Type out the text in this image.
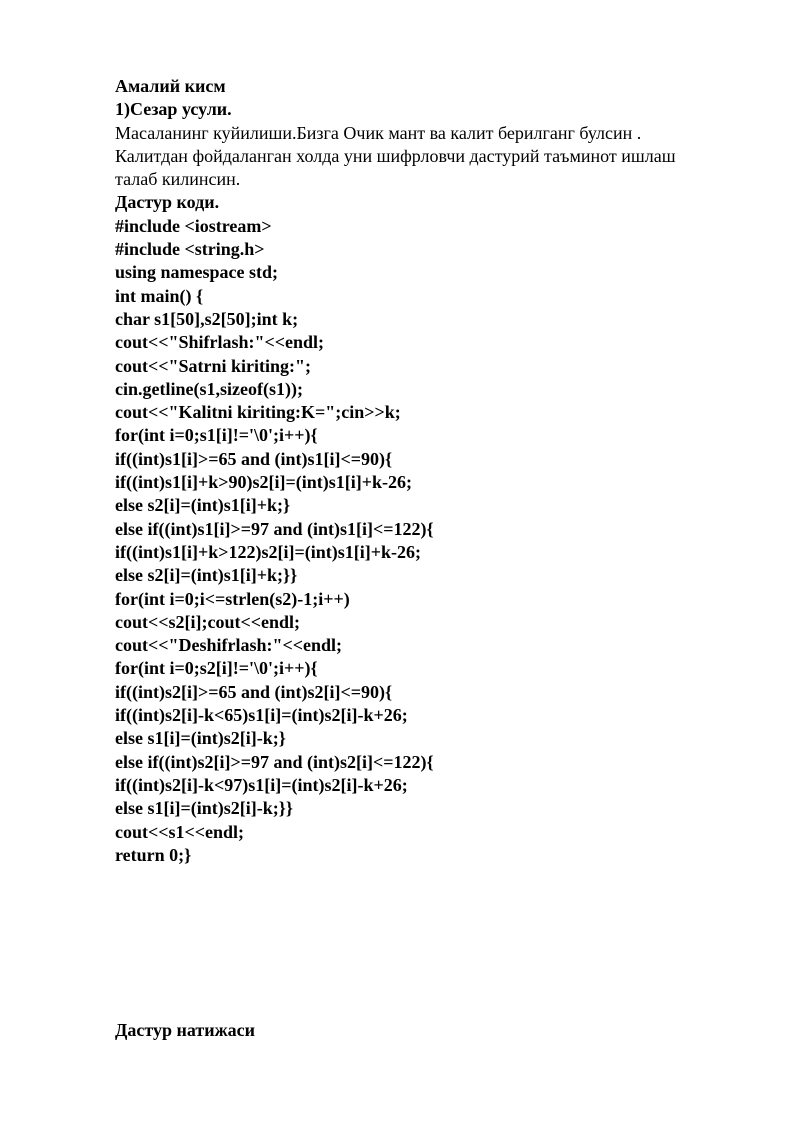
Амалий кисм

1)Сезар усули.

Масаланинг куйилиши.Бизга Очик мант ва калит берилганг булсин .

Калитдан фойдаланган холда уни шифрловчи дастурий таъминот ишлаш

талаб килинсин.

Дастур коди.

#include <iostream>

#include <string.h>

using namespace std;

int main() {

char s1[50],s2[50];int k;

cout<<"Shifrlash:"<<endl;

cout<<"Satrni kiriting:";

cin.getline(s1,sizeof(s1));

cout<<"Kalitni kiriting:K=";cin>>k;

for(int i=0;s1[i]!='\0';i++){

if((int)s1[i]>=65 and (int)s1[i]<=90){

if((int)s1[i]+k>90)s2[i]=(int)s1[i]+k-26;

else s2[i]=(int)s1[i]+k;}

else if((int)s1[i]>=97 and (int)s1[i]<=122){

if((int)s1[i]+k>122)s2[i]=(int)s1[i]+k-26;

else s2[i]=(int)s1[i]+k;}}

for(int i=0;i<=strlen(s2)-1;i++)

cout<<s2[i];cout<<endl;

cout<<"Deshifrlash:"<<endl;

for(int i=0;s2[i]!='\0';i++){

if((int)s2[i]>=65 and (int)s2[i]<=90){

if((int)s2[i]-k<65)s1[i]=(int)s2[i]-k+26;

else s1[i]=(int)s2[i]-k;}

else if((int)s2[i]>=97 and (int)s2[i]<=122){

if((int)s2[i]-k<97)s1[i]=(int)s2[i]-k+26;

else s1[i]=(int)s2[i]-k;}}

cout<<s1<<endl;

return 0;}

Дастур натижаси
